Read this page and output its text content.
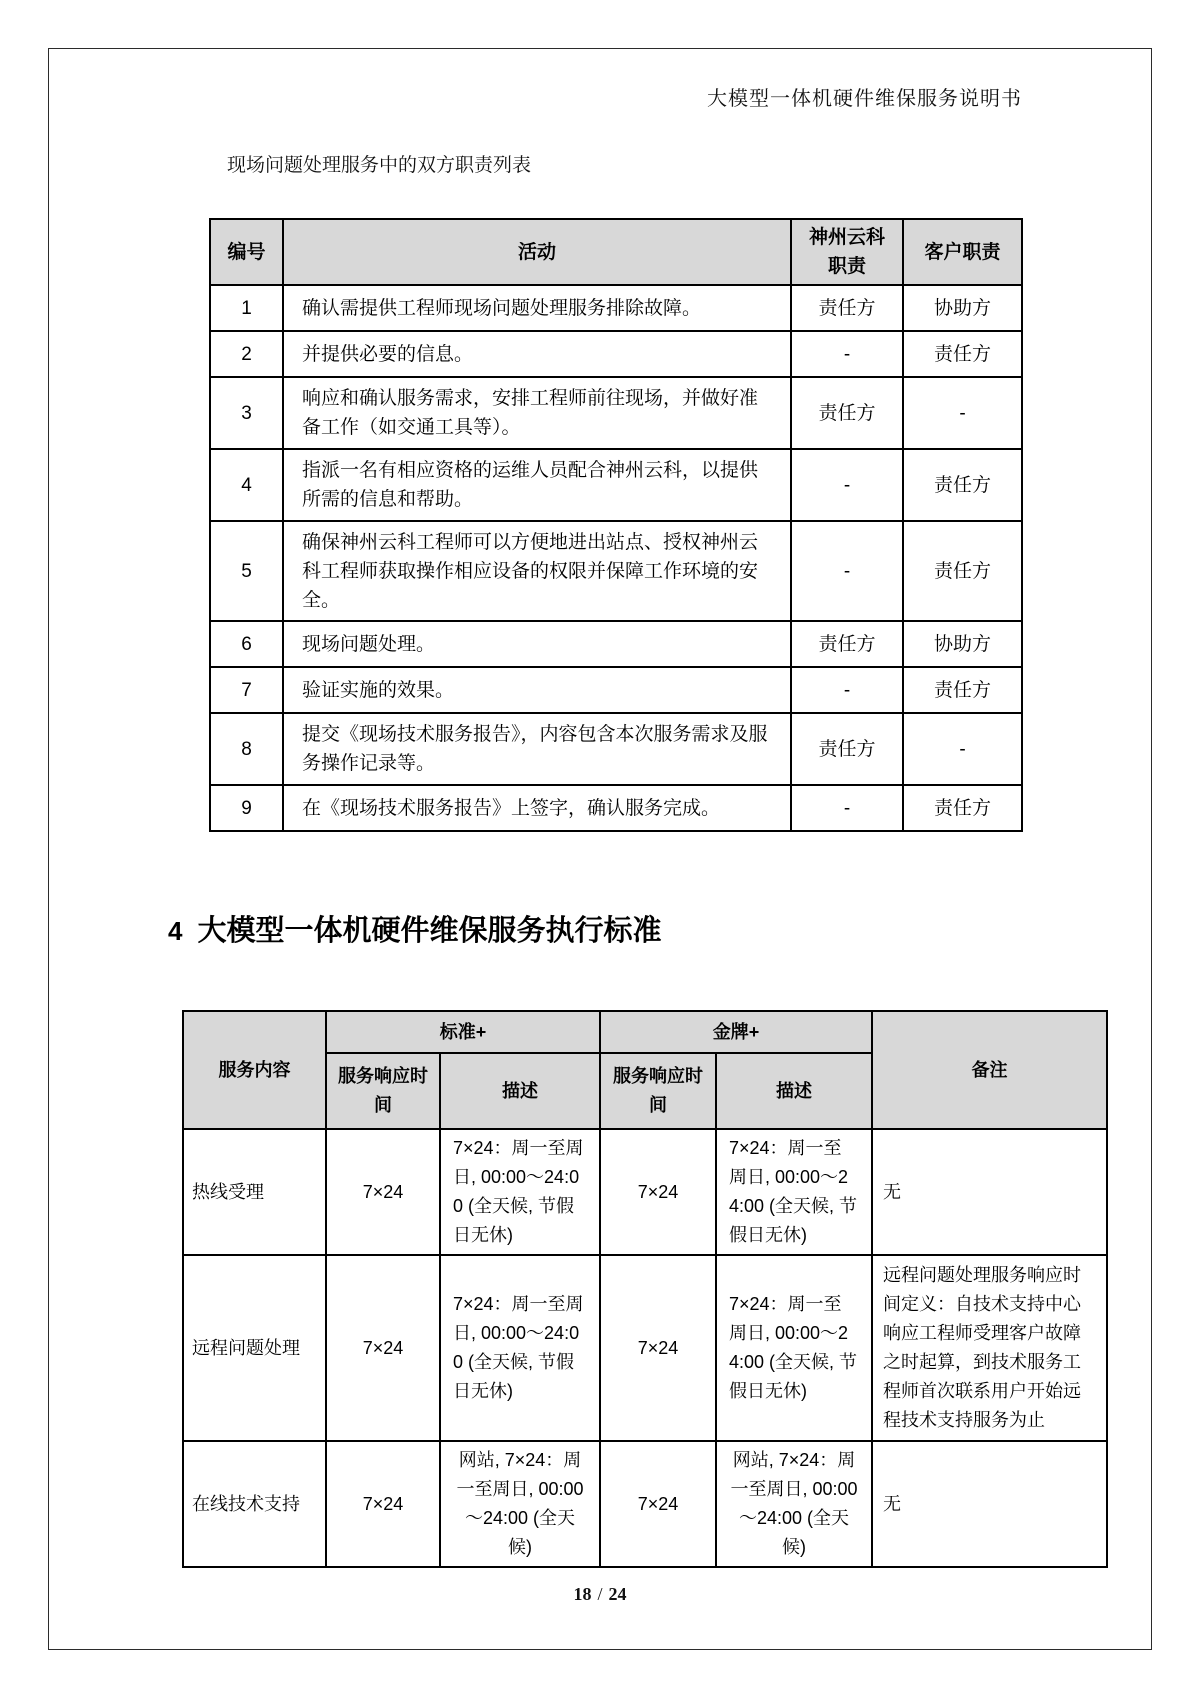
大模型一体机硬件维保服务说明书

现场问题处理服务中的双方职责列表

编号	活动	神州云科职责	客户职责
1	确认需提供工程师现场问题处理服务排除故障。	责任方	协助方
2	并提供必要的信息。	-	责任方
3	响应和确认服务需求，安排工程师前往现场，并做好准备工作（如交通工具等）。	责任方	-
4	指派一名有相应资格的运维人员配合神州云科，以提供所需的信息和帮助。	-	责任方
5	确保神州云科工程师可以方便地进出站点、授权神州云科工程师获取操作相应设备的权限并保障工作环境的安全。	-	责任方
6	现场问题处理。	责任方	协助方
7	验证实施的效果。	-	责任方
8	提交《现场技术服务报告》，内容包含本次服务需求及服务操作记录等。	责任方	-
9	在《现场技术服务报告》上签字，确认服务完成。	-	责任方
4 大模型一体机硬件维保服务执行标准
服务内容	标准+		金牌+		备注
	服务响应时间	描述	服务响应时间	描述	
热线受理	7×24	7×24：周一至周日, 00:00～24:00 (全天候, 节假日无休)	7×24	7×24：周一至周日, 00:00～24:00 (全天候, 节假日无休)	无
远程问题处理	7×24	7×24：周一至周日, 00:00～24:00 (全天候, 节假日无休)	7×24	7×24：周一至周日, 00:00～24:00 (全天候, 节假日无休)	远程问题处理服务响应时间定义：自技术支持中心响应工程师受理客户故障之时起算，到技术服务工程师首次联系用户开始远程技术支持服务为止
在线技术支持	7×24	网站, 7×24：周一至周日, 00:00～24:00 (全天候)	7×24	网站, 7×24：周一至周日, 00:00～24:00 (全天候)	无
18 / 24
